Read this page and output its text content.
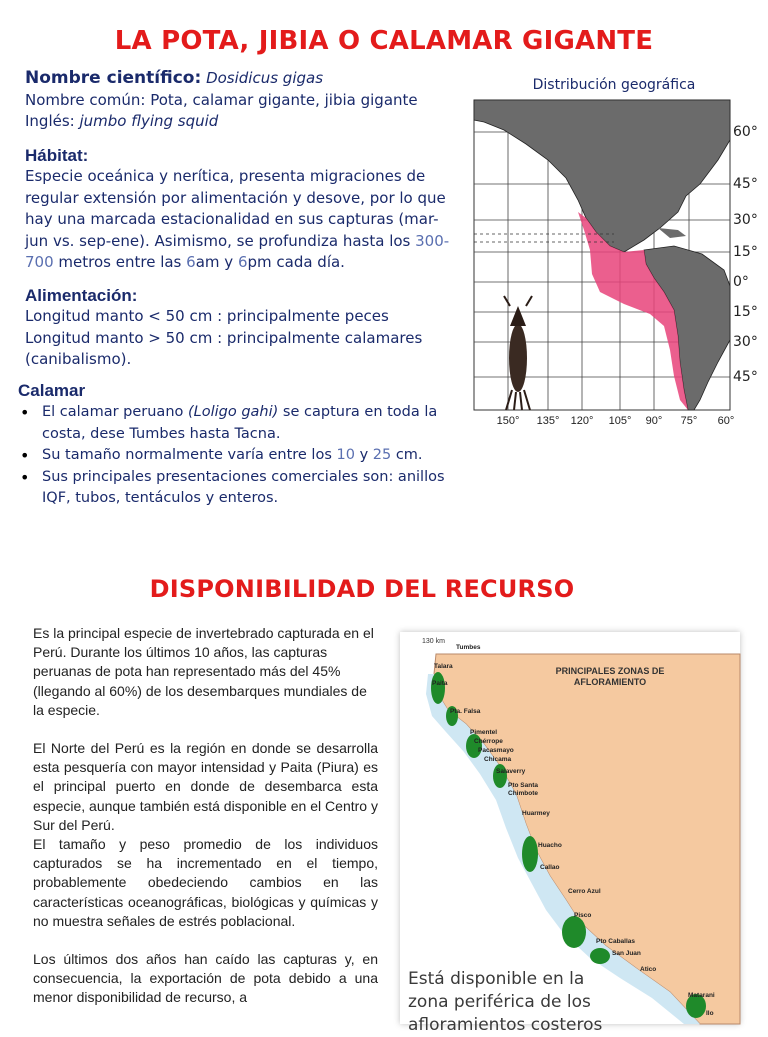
LA POTA, JIBIA O CALAMAR GIGANTE
Nombre científico: Dosidicus gigas
Nombre común: Pota, calamar gigante, jibia gigante
Inglés: jumbo flying squid
Hábitat:
Especie oceánica y nerítica, presenta migraciones de regular extensión por alimentación y desove, por lo que hay una marcada estacionalidad en sus capturas (mar-jun vs. sep-ene). Asimismo, se profundiza hasta los 300-700 metros entre las 6am y 6pm cada día.
Alimentación:
Longitud manto < 50 cm : principalmente peces Longitud manto > 50 cm : principalmente calamares (canibalismo).
Calamar
• El calamar peruano (Loligo gahi) se captura en toda la costa, dese Tumbes hasta Tacna.
• Su tamaño normalmente varía entre los 10 y 25 cm.
• Sus principales presentaciones comerciales son: anillos IQF, tubos, tentáculos y enteros.
Distribución geográfica
60°
45°
30°
15°
0°
15°
30°
45°
150° 135° 120° 105° 90° 75° 60°
DISPONIBILIDAD DEL RECURSO
Es la principal especie de invertebrado capturada en el Perú. Durante los últimos 10 años, las capturas peruanas de pota han representado más del 45% (llegando al 60%) de los desembarques mundiales de la especie.
El Norte del Perú es la región en donde se desarrolla esta pesquería con mayor intensidad y Paita (Piura) es el principal puerto en donde de desembarca esta especie, aunque también está disponible en el Centro y Sur del Perú.
El tamaño y peso promedio de los individuos capturados se ha incrementado en el tiempo, probablemente obedeciendo cambios en las características oceanográficas, biológicas y químicas y no muestra señales de estrés poblacional.
Los últimos dos años han caído las capturas y, en consecuencia, la exportación de pota debido a una menor disponibilidad de recurso, a
130 km
PRINCIPALES ZONAS DE
AFLORAMIENTO
Tumbes
Talara
Paita
Pta. Falsa
Pimentel
Chérrope
Pacasmayo
Chicama
Salaverry
Pto Santa
Chimbote
Huarmey
Huacho
Callao
Cerro Azul
Pisco
Pto Caballas
San Juan
Atico
Matarani
Ilo
Está disponible en la
zona periférica de los
afloramientos costeros
